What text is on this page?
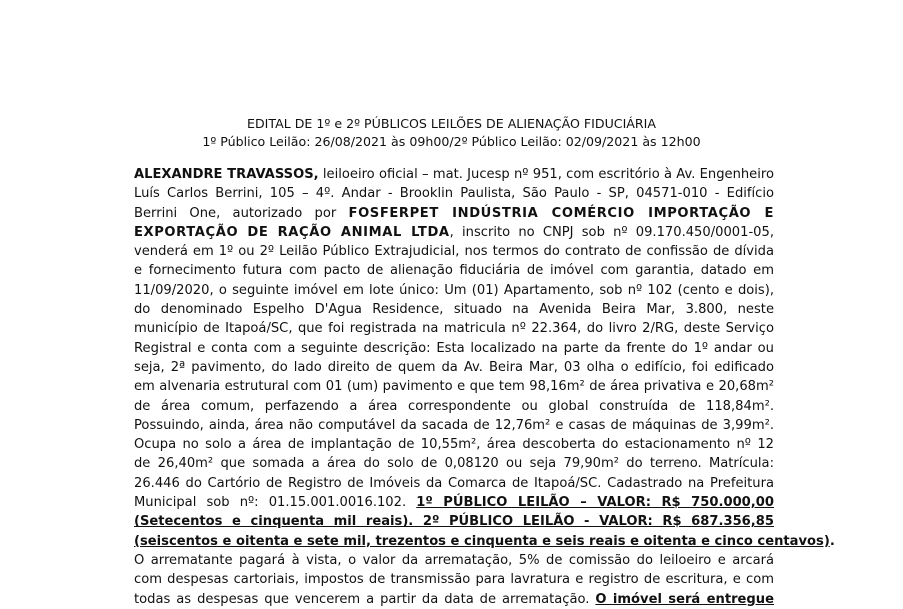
EDITAL DE 1º e 2º PÚBLICOS LEILÕES DE ALIENAÇÃO FIDUCIÁRIA
1º Público Leilão: 26/08/2021 às 09h00/2º Público Leilão: 02/09/2021 às 12h00
ALEXANDRE TRAVASSOS, leiloeiro oficial – mat. Jucesp nº 951, com escritório à Av. Engenheiro
Luís Carlos Berrini, 105 – 4º. Andar - Brooklin Paulista, São Paulo - SP, 04571-010 - Edifício
Berrini One, autorizado por FOSFERPET INDÚSTRIA COMÉRCIO IMPORTAÇÃO E
EXPORTAÇÃO DE RAÇÃO ANIMAL LTDA, inscrito no CNPJ sob nº 09.170.450/0001-05,
venderá em 1º ou 2º Leilão Público Extrajudicial, nos termos do contrato de confissão de dívida
e fornecimento futura com pacto de alienação fiduciária de imóvel com garantia, datado em
11/09/2020, o seguinte imóvel em lote único: Um (01) Apartamento, sob nº 102 (cento e dois),
do denominado Espelho D'Agua Residence, situado na Avenida Beira Mar, 3.800, neste
município de Itapoá/SC, que foi registrada na matricula nº 22.364, do livro 2/RG, deste Serviço
Registral e conta com a seguinte descrição: Esta localizado na parte da frente do 1º andar ou
seja, 2ª pavimento, do lado direito de quem da Av. Beira Mar, 03 olha o edifício, foi edificado
em alvenaria estrutural com 01 (um) pavimento e que tem 98,16m² de área privativa e 20,68m²
de área comum, perfazendo a área correspondente ou global construída de 118,84m².
Possuindo, ainda, área não computável da sacada de 12,76m² e casas de máquinas de 3,99m².
Ocupa no solo a área de implantação de 10,55m², área descoberta do estacionamento nº 12
de 26,40m² que somada a área do solo de 0,08120 ou seja 79,90m² do terreno. Matrícula:
26.446 do Cartório de Registro de Imóveis da Comarca de Itapoá/SC. Cadastrado na Prefeitura
Municipal sob nº: 01.15.001.0016.102. 1º PÚBLICO LEILÃO – VALOR: R$ 750.000,00
(Setecentos e cinquenta mil reais). 2º PÚBLICO LEILÃO - VALOR: R$ 687.356,85
(seiscentos e oitenta e sete mil, trezentos e cinquenta e seis reais e oitenta e cinco centavos).
O arrematante pagará à vista, o valor da arrematação, 5% de comissão do leiloeiro e arcará
com despesas cartoriais, impostos de transmissão para lavratura e registro de escritura, e com
todas as despesas que vencerem a partir da data de arrematação. O imóvel será entregue
